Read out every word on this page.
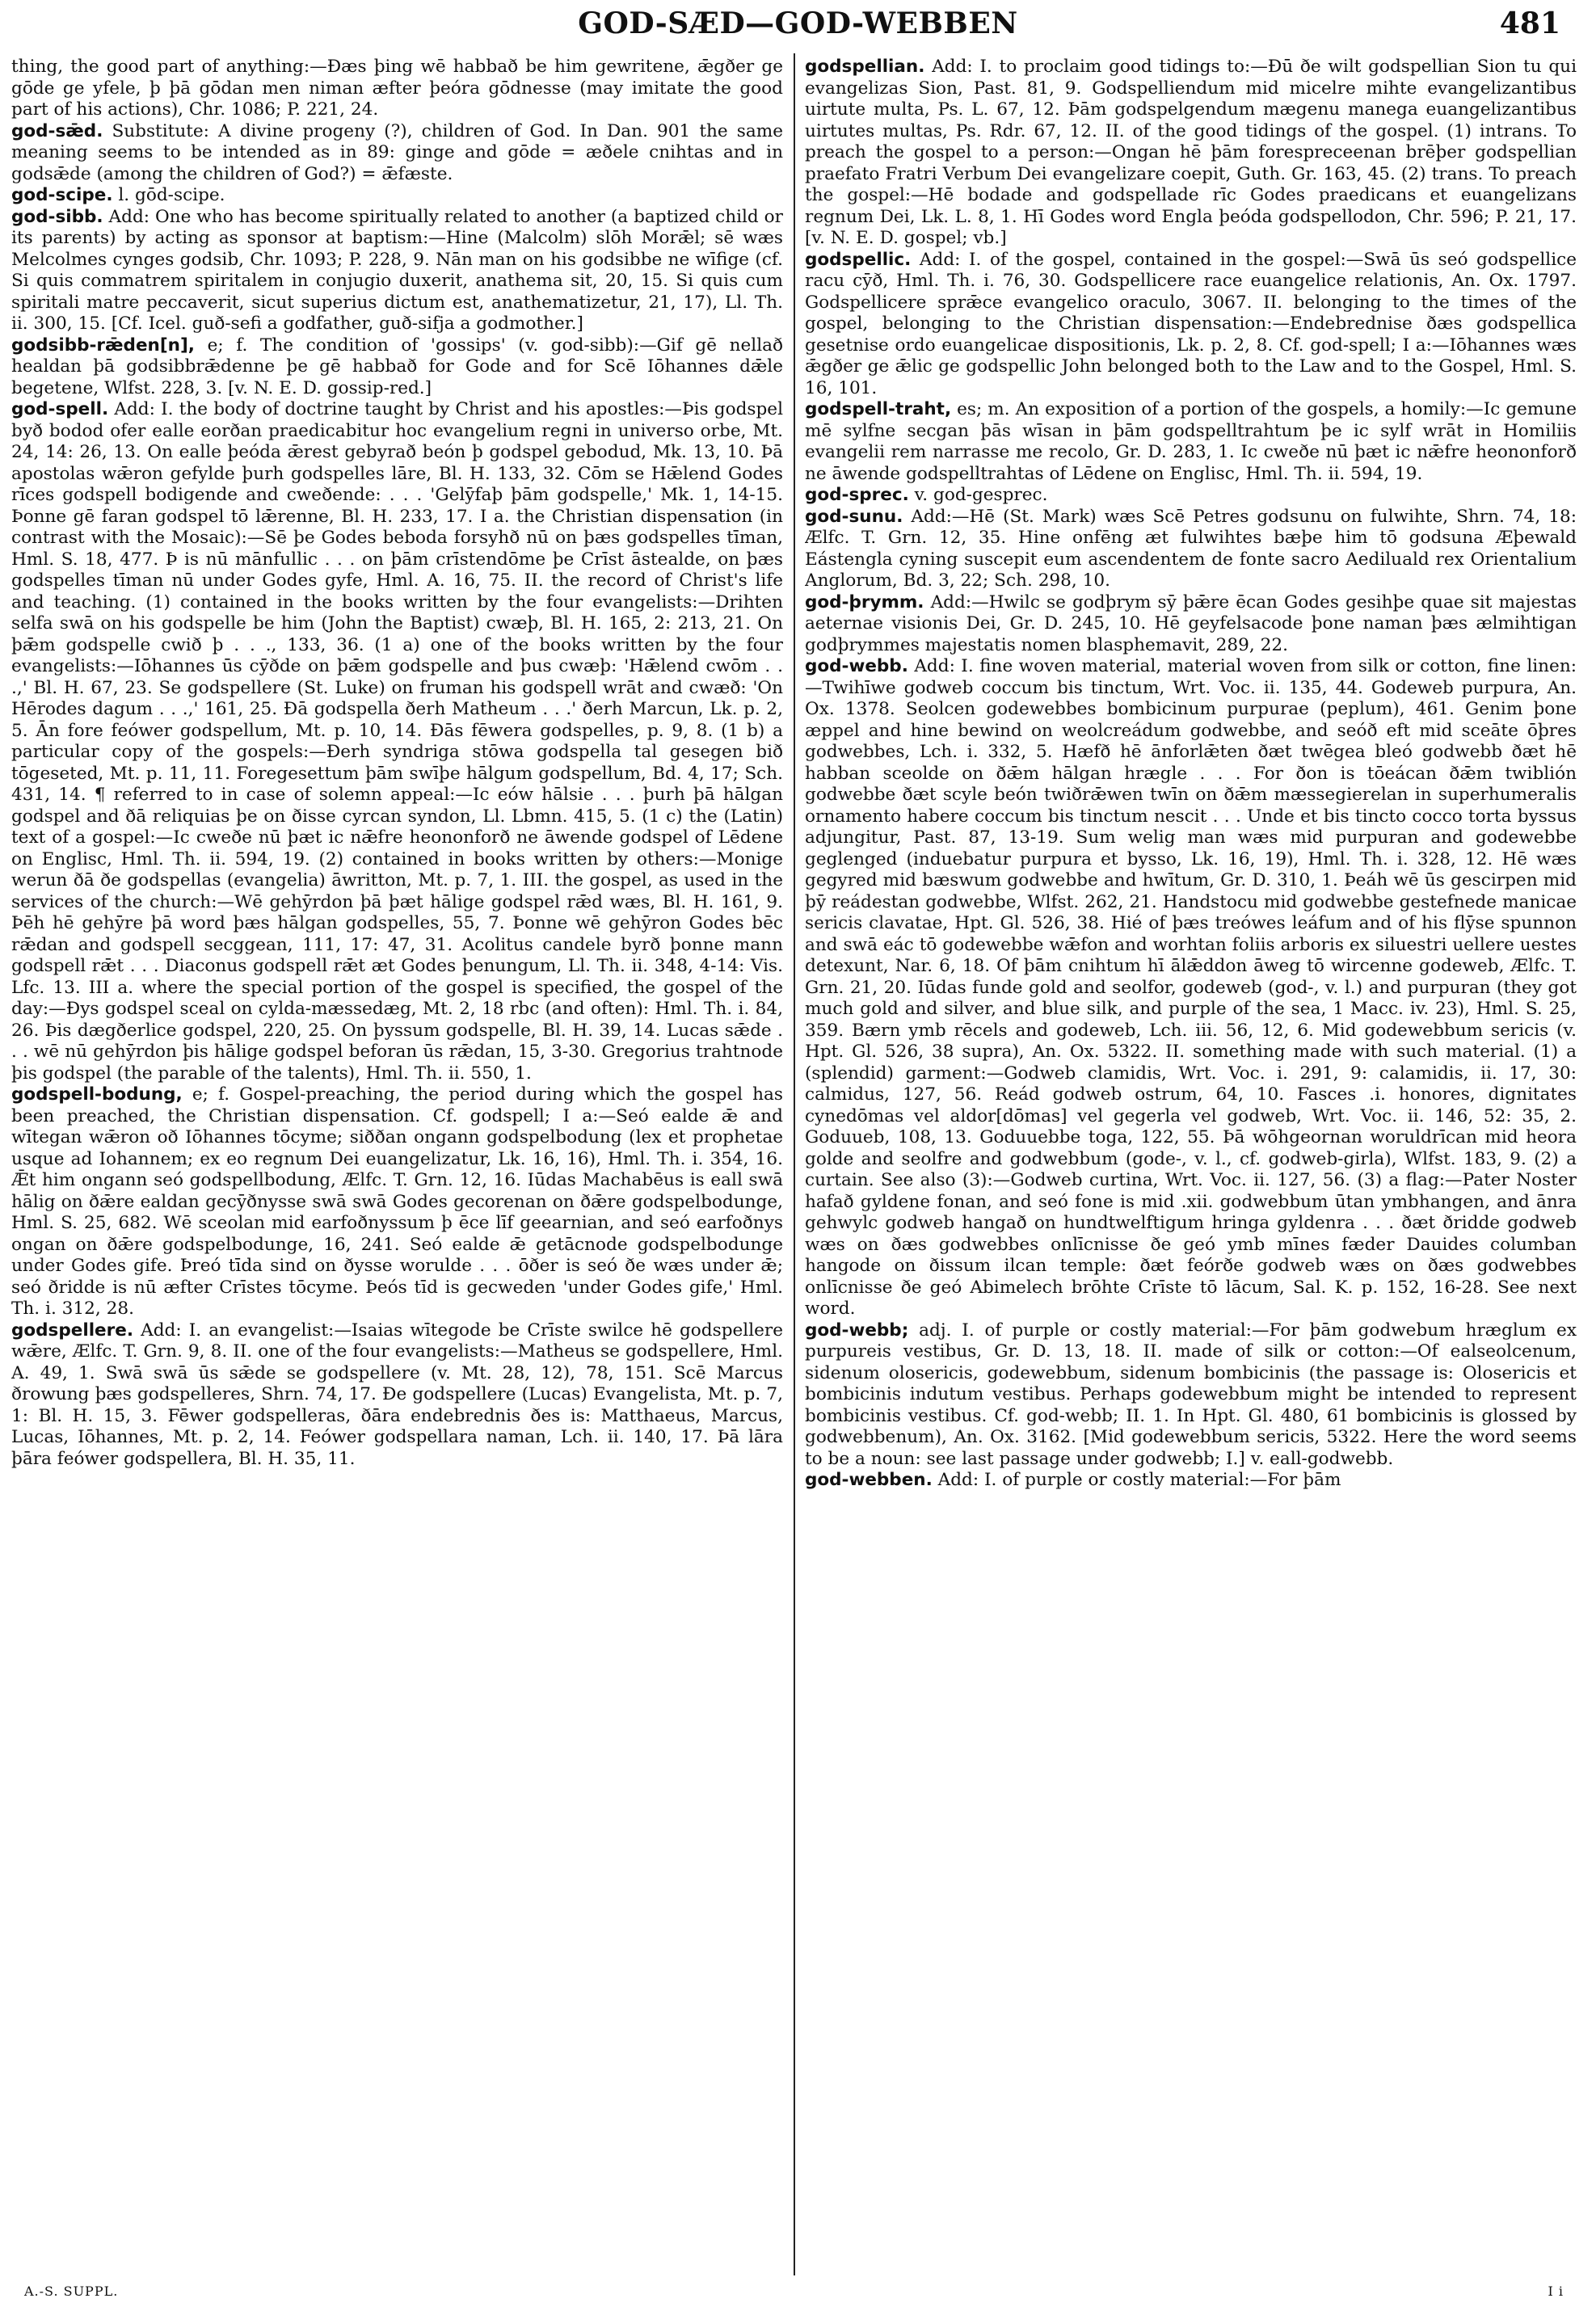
GOD-SÆD—GOD-WEBBEN	481

thing, the good part of anything:—Ðæs þing wē habbað be him gewritene, ǣgðer ge gōde ge yfele, þ þā gōdan men niman æfter þeóra gōdnesse (may imitate the good part of his actions), Chr. 1086; P. 221, 24.

god-sǣd. Substitute: A divine progeny (?), children of God. In Dan. 901 the same meaning seems to be intended as in 89: ginge and gōde = æðele cnihtas and in godsǣde (among the children of God?) = ǣfæste.

god-scipe. l. gōd-scipe.

god-sibb. Add: One who has become spiritually related to another (a baptized child or its parents) by acting as sponsor at baptism:—Hine (Malcolm) slōh Morǣl; sē wæs Melcolmes cynges godsib, Chr. 1093; P. 228, 9. Nān man on his godsibbe ne wīfige (cf. Si quis commatrem spiritalem in conjugio duxerit, anathema sit, 20, 15. Si quis cum spiritali matre peccaverit, sicut superius dictum est, anathematizetur, 21, 17), Ll. Th. ii. 300, 15. [Cf. Icel. guð-sefi a godfather, guð-sifja a godmother.]

godsibb-rǣden[n], e; f. The condition of 'gossips' (v. god-sibb):—Gif gē nellað healdan þā godsibbrǣdenne þe gē habbað for Gode and for Scē Iōhannes dǣle begetene, Wlfst. 228, 3. [v. N. E. D. gossip-red.]

god-spell. Add: I. the body of doctrine taught by Christ and his apostles:—Þis godspel byð bodod ofer ealle eorðan praedicabitur hoc evangelium regni in universo orbe, Mt. 24, 14: 26, 13. On ealle þeóda ǣrest gebyrað beón þ godspel gebodud, Mk. 13, 10. Þā apostolas wǣron gefylde þurh godspelles lāre, Bl. H. 133, 32. Cōm se Hǣlend Godes rīces godspell bodigende and cweðende: . . . 'Gelȳfaþ þām godspelle,' Mk. 1, 14-15. Þonne gē faran godspel tō lǣrenne, Bl. H. 233, 17. I a. the Christian dispensation (in contrast with the Mosaic):—Sē þe Godes beboda forsyhð nū on þæs godspelles tīman, Hml. S. 18, 477. Þ is nū mānfullic . . . on þām crīstendōme þe Crīst āstealde, on þæs godspelles tīman nū under Godes gyfe, Hml. A. 16, 75. II. the record of Christ's life and teaching. (1) contained in the books written by the four evangelists:—Drihten selfa swā on his godspelle be him (John the Baptist) cwæþ, Bl. H. 165, 2: 213, 21. On þǣm godspelle cwið þ . . ., 133, 36. (1 a) one of the books written by the four evangelists:—Iōhannes ūs cȳðde on þǣm godspelle and þus cwæþ: 'Hǣlend cwōm . . .,' Bl. H. 67, 23. Se godspellere (St. Luke) on fruman his godspell wrāt and cwæð: 'On Hērodes dagum . . .,' 161, 25. Ðā godspella ðerh Matheum . . .' ðerh Marcun, Lk. p. 2, 5. Ān fore feówer godspellum, Mt. p. 10, 14. Ðās fēwera godspelles, p. 9, 8. (1 b) a particular copy of the gospels:—Ðerh syndriga stōwa godspella tal gesegen bið tōgeseted, Mt. p. 11, 11. Foregesettum þām swīþe hālgum godspellum, Bd. 4, 17; Sch. 431, 14. ¶ referred to in case of solemn appeal:—Ic eów hālsie . . . þurh þā hālgan godspel and ðā reliquias þe on ðisse cyrcan syndon, Ll. Lbmn. 415, 5. (1 c) the (Latin) text of a gospel:—Ic cweðe nū þæt ic nǣfre heononforð ne āwende godspel of Lēdene on Englisc, Hml. Th. ii. 594, 19. (2) contained in books written by others:—Monige werun ðā ðe godspellas (evangelia) āwritton, Mt. p. 7, 1. III. the gospel, as used in the services of the church:—Wē gehȳrdon þā þæt hālige godspel rǣd wæs, Bl. H. 161, 9. Þēh hē gehȳre þā word þæs hālgan godspelles, 55, 7. Þonne wē gehȳron Godes bēc rǣdan and godspell secggean, 111, 17: 47, 31. Acolitus candele byrð þonne mann godspell rǣt . . . Diaconus godspell rǣt æt Godes þenungum, Ll. Th. ii. 348, 4-14: Vis. Lfc. 13. III a. where the special portion of the gospel is specified, the gospel of the day:—Ðys godspel sceal on cylda-mæssedæg, Mt. 2, 18 rbc (and often): Hml. Th. i. 84, 26. Þis dægðerlice godspel, 220, 25. On þyssum godspelle, Bl. H. 39, 14. Lucas sǣde . . . wē nū gehȳrdon þis hālige godspel beforan ūs rǣdan, 15, 3-30. Gregorius trahtnode þis godspel (the parable of the talents), Hml. Th. ii. 550, 1.

godspell-bodung, e; f. Gospel-preaching, the period during which the gospel has been preached, the Christian dispensation. Cf. godspell; I a:—Seó ealde ǣ and wītegan wǣron oð Iōhannes tōcyme; siððan ongann godspelbodung (lex et prophetae usque ad Iohannem; ex eo regnum Dei euangelizatur, Lk. 16, 16), Hml. Th. i. 354, 16. Ǣt him ongann seó godspellbodung, Ælfc. T. Grn. 12, 16. Iūdas Machabēus is eall swā hālig on ðǣre ealdan gecȳðnysse swā swā Godes gecorenan on ðǣre godspelbodunge, Hml. S. 25, 682. Wē sceolan mid earfoðnyssum þ ēce līf geearnian, and seó earfoðnys ongan on ðǣre godspelbodunge, 16, 241. Seó ealde ǣ getācnode godspelbodunge under Godes gife. Þreó tīda sind on ðysse worulde . . . ōðer is seó ðe wæs under ǣ; seó ðridde is nū æfter Crīstes tōcyme. Þeós tīd is gecweden 'under Godes gife,' Hml. Th. i. 312, 28.

godspellere. Add: I. an evangelist:—Isaias wītegode be Crīste swilce hē godspellere wǣre, Ælfc. T. Grn. 9, 8. II. one of the four evangelists:—Matheus se godspellere, Hml. A. 49, 1. Swā swā ūs sǣde se godspellere (v. Mt. 28, 12), 78, 151. Scē Marcus ðrowung þæs godspelleres, Shrn. 74, 17. Ðe godspellere (Lucas) Evangelista, Mt. p. 7, 1: Bl. H. 15, 3. Fēwer godspelleras, ðāra endebrednis ðes is: Matthaeus, Marcus, Lucas, Iōhannes, Mt. p. 2, 14. Feówer godspellara naman, Lch. ii. 140, 17. Þā lāra þāra feówer godspellera, Bl. H. 35, 11.

godspellian. Add: I. to proclaim good tidings to:—Ðū ðe wilt godspellian Sion tu qui evangelizas Sion, Past. 81, 9. Godspelliendum mid micelre mihte evangelizantibus uirtute multa, Ps. L. 67, 12. Þām godspelgendum mægenu manega euangelizantibus uirtutes multas, Ps. Rdr. 67, 12. II. of the good tidings of the gospel. (1) intrans. To preach the gospel to a person:—Ongan hē þām forespreceenan brēþer godspellian praefato Fratri Verbum Dei evangelizare coepit, Guth. Gr. 163, 45. (2) trans. To preach the gospel:—Hē bodade and godspellade rīc Godes praedicans et euangelizans regnum Dei, Lk. L. 8, 1. Hī Godes word Engla þeóda godspellodon, Chr. 596; P. 21, 17. [v. N. E. D. gospel; vb.]

godspellic. Add: I. of the gospel, contained in the gospel:—Swā ūs seó godspellice racu cȳð, Hml. Th. i. 76, 30. Godspellicere race euangelice relationis, An. Ox. 1797. Godspellicere sprǣce evangelico oraculo, 3067. II. belonging to the times of the gospel, belonging to the Christian dispensation:—Endebrednise ðæs godspellica gesetnise ordo euangelicae dispositionis, Lk. p. 2, 8. Cf. god-spell; I a:—Iōhannes wæs ǣgðer ge ǣlic ge godspellic John belonged both to the Law and to the Gospel, Hml. S. 16, 101.

godspell-traht, es; m. An exposition of a portion of the gospels, a homily:—Ic gemune mē sylfne secgan þās wīsan in þām godspelltrahtum þe ic sylf wrāt in Homiliis evangelii rem narrasse me recolo, Gr. D. 283, 1. Ic cweðe nū þæt ic nǣfre heononforð ne āwende godspelltrahtas of Lēdene on Englisc, Hml. Th. ii. 594, 19.

god-sprec. v. god-gesprec.

god-sunu. Add:—Hē (St. Mark) wæs Scē Petres godsunu on fulwihte, Shrn. 74, 18: Ælfc. T. Grn. 12, 35. Hine onfēng æt fulwihtes bæþe him tō godsuna Æþewald Eástengla cyning suscepit eum ascendentem de fonte sacro Aediluald rex Orientalium Anglorum, Bd. 3, 22; Sch. 298, 10.

god-þrymm. Add:—Hwilc se godþrym sȳ þǣre ēcan Godes gesihþe quae sit majestas aeternae visionis Dei, Gr. D. 245, 10. Hē geyfelsacode þone naman þæs ælmihtigan godþrymmes majestatis nomen blasphemavit, 289, 22.

god-webb. Add: I. fine woven material, material woven from silk or cotton, fine linen:—Twihīwe godweb coccum bis tinctum, Wrt. Voc. ii. 135, 44. Godeweb purpura, An. Ox. 1378. Seolcen godewebbes bombicinum purpurae (peplum), 461. Genim þone æppel and hine bewind on weolcreádum godwebbe, and seóð eft mid sceāte ōþres godwebbes, Lch. i. 332, 5. Hæfð hē ānforlǣten ðæt twēgea bleó godwebb ðæt hē habban sceolde on ðǣm hālgan hrægle . . . For ðon is tōeácan ðǣm twiblión godwebbe ðæt scyle beón twiðrǣwen twīn on ðǣm mæssegierelan in superhumeralis ornamento habere coccum bis tinctum nescit . . . Unde et bis tincto cocco torta byssus adjungitur, Past. 87, 13-19. Sum welig man wæs mid purpuran and godewebbe geglenged (induebatur purpura et bysso, Lk. 16, 19), Hml. Th. i. 328, 12. Hē wæs gegyred mid bæswum godwebbe and hwītum, Gr. D. 310, 1. Þeáh wē ūs gescirpen mid þȳ reádestan godwebbe, Wlfst. 262, 21. Handstocu mid godwebbe gestefnede manicae sericis clavatae, Hpt. Gl. 526, 38. Hié of þæs treówes leáfum and of his flȳse spunnon and swā eác tō godewebbe wǣfon and worhtan foliis arboris ex siluestri uellere uestes detexunt, Nar. 6, 18. Of þām cnihtum hī ālǣddon āweg tō wircenne godeweb, Ælfc. T. Grn. 21, 20. Iūdas funde gold and seolfor, godeweb (god-, v. l.) and purpuran (they got much gold and silver, and blue silk, and purple of the sea, 1 Macc. iv. 23), Hml. S. 25, 359. Bærn ymb rēcels and godeweb, Lch. iii. 56, 12, 6. Mid godewebbum sericis (v. Hpt. Gl. 526, 38 supra), An. Ox. 5322. II. something made with such material. (1) a (splendid) garment:—Godweb clamidis, Wrt. Voc. i. 291, 9: calamidis, ii. 17, 30: calmidus, 127, 56. Reád godweb ostrum, 64, 10. Fasces .i. honores, dignitates cynedōmas vel aldor[dōmas] vel gegerla vel godweb, Wrt. Voc. ii. 146, 52: 35, 2. Goduueb, 108, 13. Goduuebbe toga, 122, 55. Þā wōhgeornan woruldrīcan mid heora golde and seolfre and godwebbum (gode-, v. l., cf. godweb-girla), Wlfst. 183, 9. (2) a curtain. See also (3):—Godweb curtina, Wrt. Voc. ii. 127, 56. (3) a flag:—Pater Noster hafað gyldene fonan, and seó fone is mid .xii. godwebbum ūtan ymbhangen, and ānra gehwylc godweb hangað on hundtwelftigum hringa gyldenra . . . ðæt ðridde godweb wæs on ðæs godwebbes onlīcnisse ðe geó ymb mīnes fæder Dauides columban hangode on ðissum ilcan temple: ðæt feórðe godweb wæs on ðæs godwebbes onlīcnisse ðe geó Abimelech brōhte Crīste tō lācum, Sal. K. p. 152, 16-28. See next word.

god-webb; adj. I. of purple or costly material:—For þām godwebum hræglum ex purpureis vestibus, Gr. D. 13, 18. II. made of silk or cotton:—Of ealseolcenum, sidenum olosericis, godewebbum, sidenum bombicinis (the passage is: Olosericis et bombicinis indutum vestibus. Perhaps godewebbum might be intended to represent bombicinis vestibus. Cf. god-webb; II. 1. In Hpt. Gl. 480, 61 bombicinis is glossed by godwebbenum), An. Ox. 3162. [Mid godewebbum sericis, 5322. Here the word seems to be a noun: see last passage under godwebb; I.] v. eall-godwebb.

god-webben. Add: I. of purple or costly material:—For þām

A.-S. SUPPL.	I i
